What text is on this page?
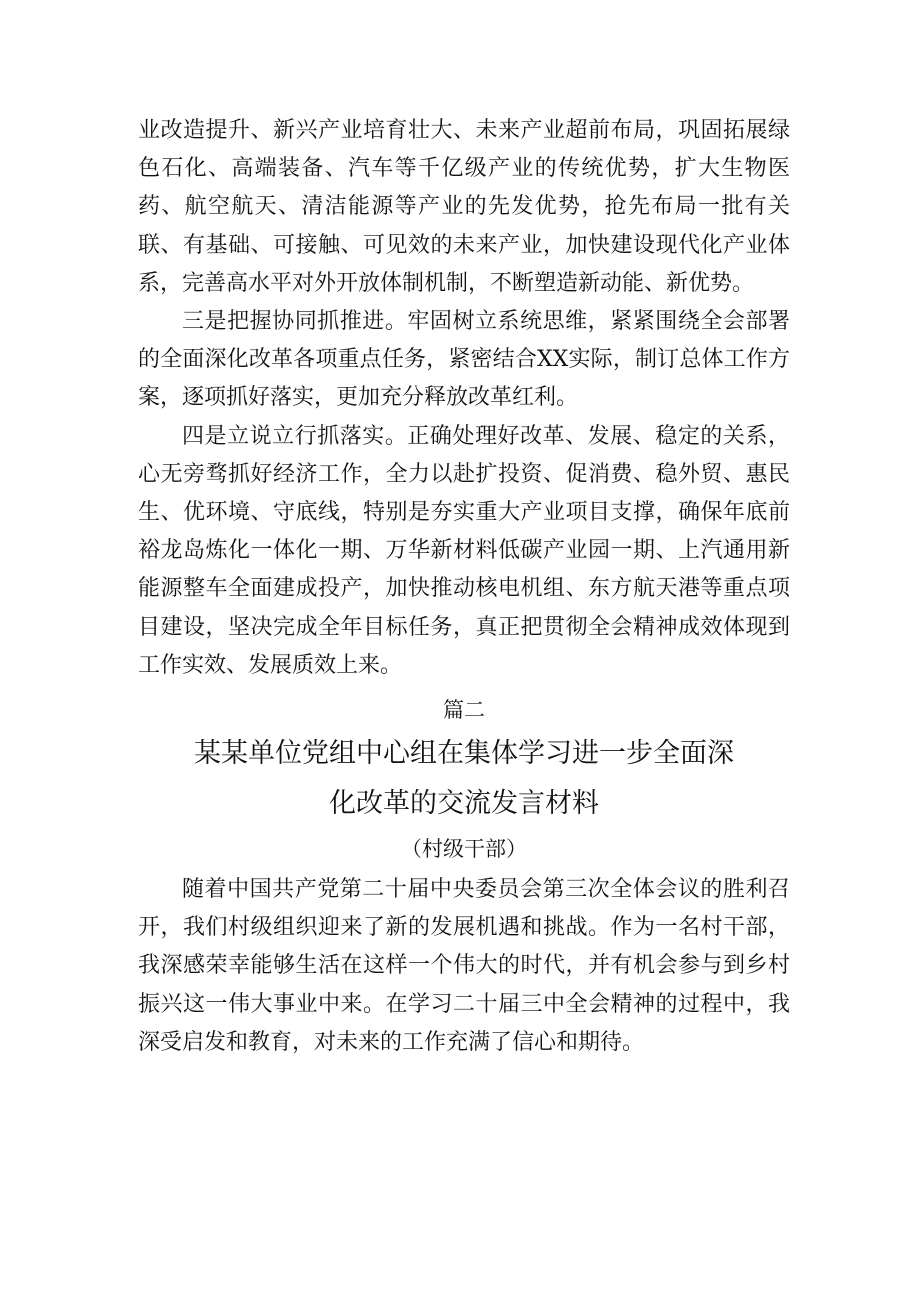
业改造提升、新兴产业培育壮大、未来产业超前布局，巩固拓展绿色石化、高端装备、汽车等千亿级产业的传统优势，扩大生物医药、航空航天、清洁能源等产业的先发优势，抢先布局一批有关联、有基础、可接触、可见效的未来产业，加快建设现代化产业体系，完善高水平对外开放体制机制，不断塑造新动能、新优势。

三是把握协同抓推进。牢固树立系统思维，紧紧围绕全会部署的全面深化改革各项重点任务，紧密结合XX实际，制订总体工作方案，逐项抓好落实，更加充分释放改革红利。

四是立说立行抓落实。正确处理好改革、发展、稳定的关系，心无旁骛抓好经济工作，全力以赴扩投资、促消费、稳外贸、惠民生、优环境、守底线，特别是夯实重大产业项目支撑，确保年底前裕龙岛炼化一体化一期、万华新材料低碳产业园一期、上汽通用新能源整车全面建成投产，加快推动核电机组、东方航天港等重点项目建设，坚决完成全年目标任务，真正把贯彻全会精神成效体现到工作实效、发展质效上来。

篇二

某某单位党组中心组在集体学习进一步全面深
化改革的交流发言材料

（村级干部）

随着中国共产党第二十届中央委员会第三次全体会议的胜利召开，我们村级组织迎来了新的发展机遇和挑战。作为一名村干部，我深感荣幸能够生活在这样一个伟大的时代，并有机会参与到乡村振兴这一伟大事业中来。在学习二十届三中全会精神的过程中，我深受启发和教育，对未来的工作充满了信心和期待。
